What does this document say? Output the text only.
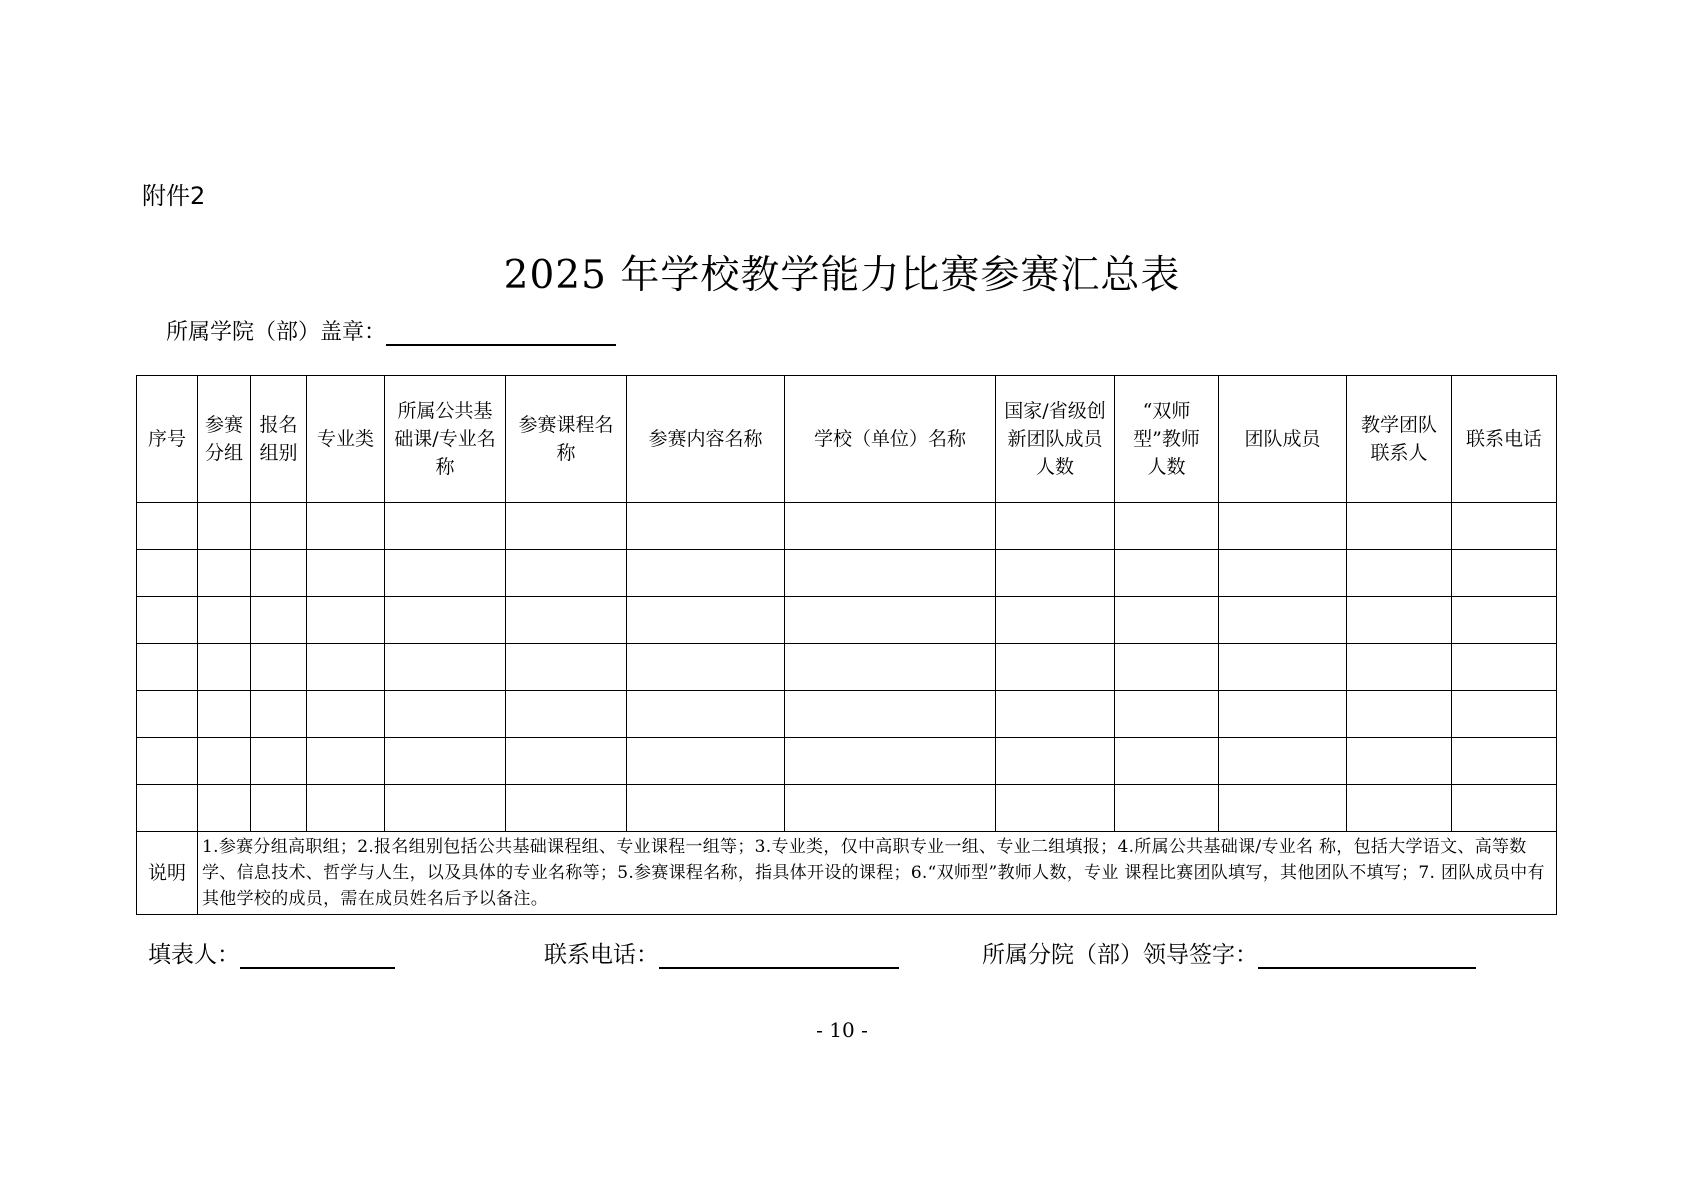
附件2
2025 年学校教学能力比赛参赛汇总表
所属学院（部）盖章：
序号	参赛分组	报名组别	专业类	所属公共基础课/专业名称	参赛课程名称	参赛内容名称	学校（单位）名称	国家/省级创新团队成员人数	“双师型”教师人数	团队成员	教学团队联系人	联系电话

说明	1.参赛分组高职组；2.报名组别包括公共基础课程组、专业课程一组等；3.专业类，仅中高职专业一组、专业二组填报；4.所属公共基础课/专业名 称，包括大学语文、高等数学、信息技术、哲学与人生，以及具体的专业名称等；5.参赛课程名称，指具体开设的课程；6.“双师型”教师人数，专业 课程比赛团队填写，其他团队不填写；7. 团队成员中有其他学校的成员，需在成员姓名后予以备注。											
填表人：	联系电话：	所属分院（部）领导签字：
- 10 -
